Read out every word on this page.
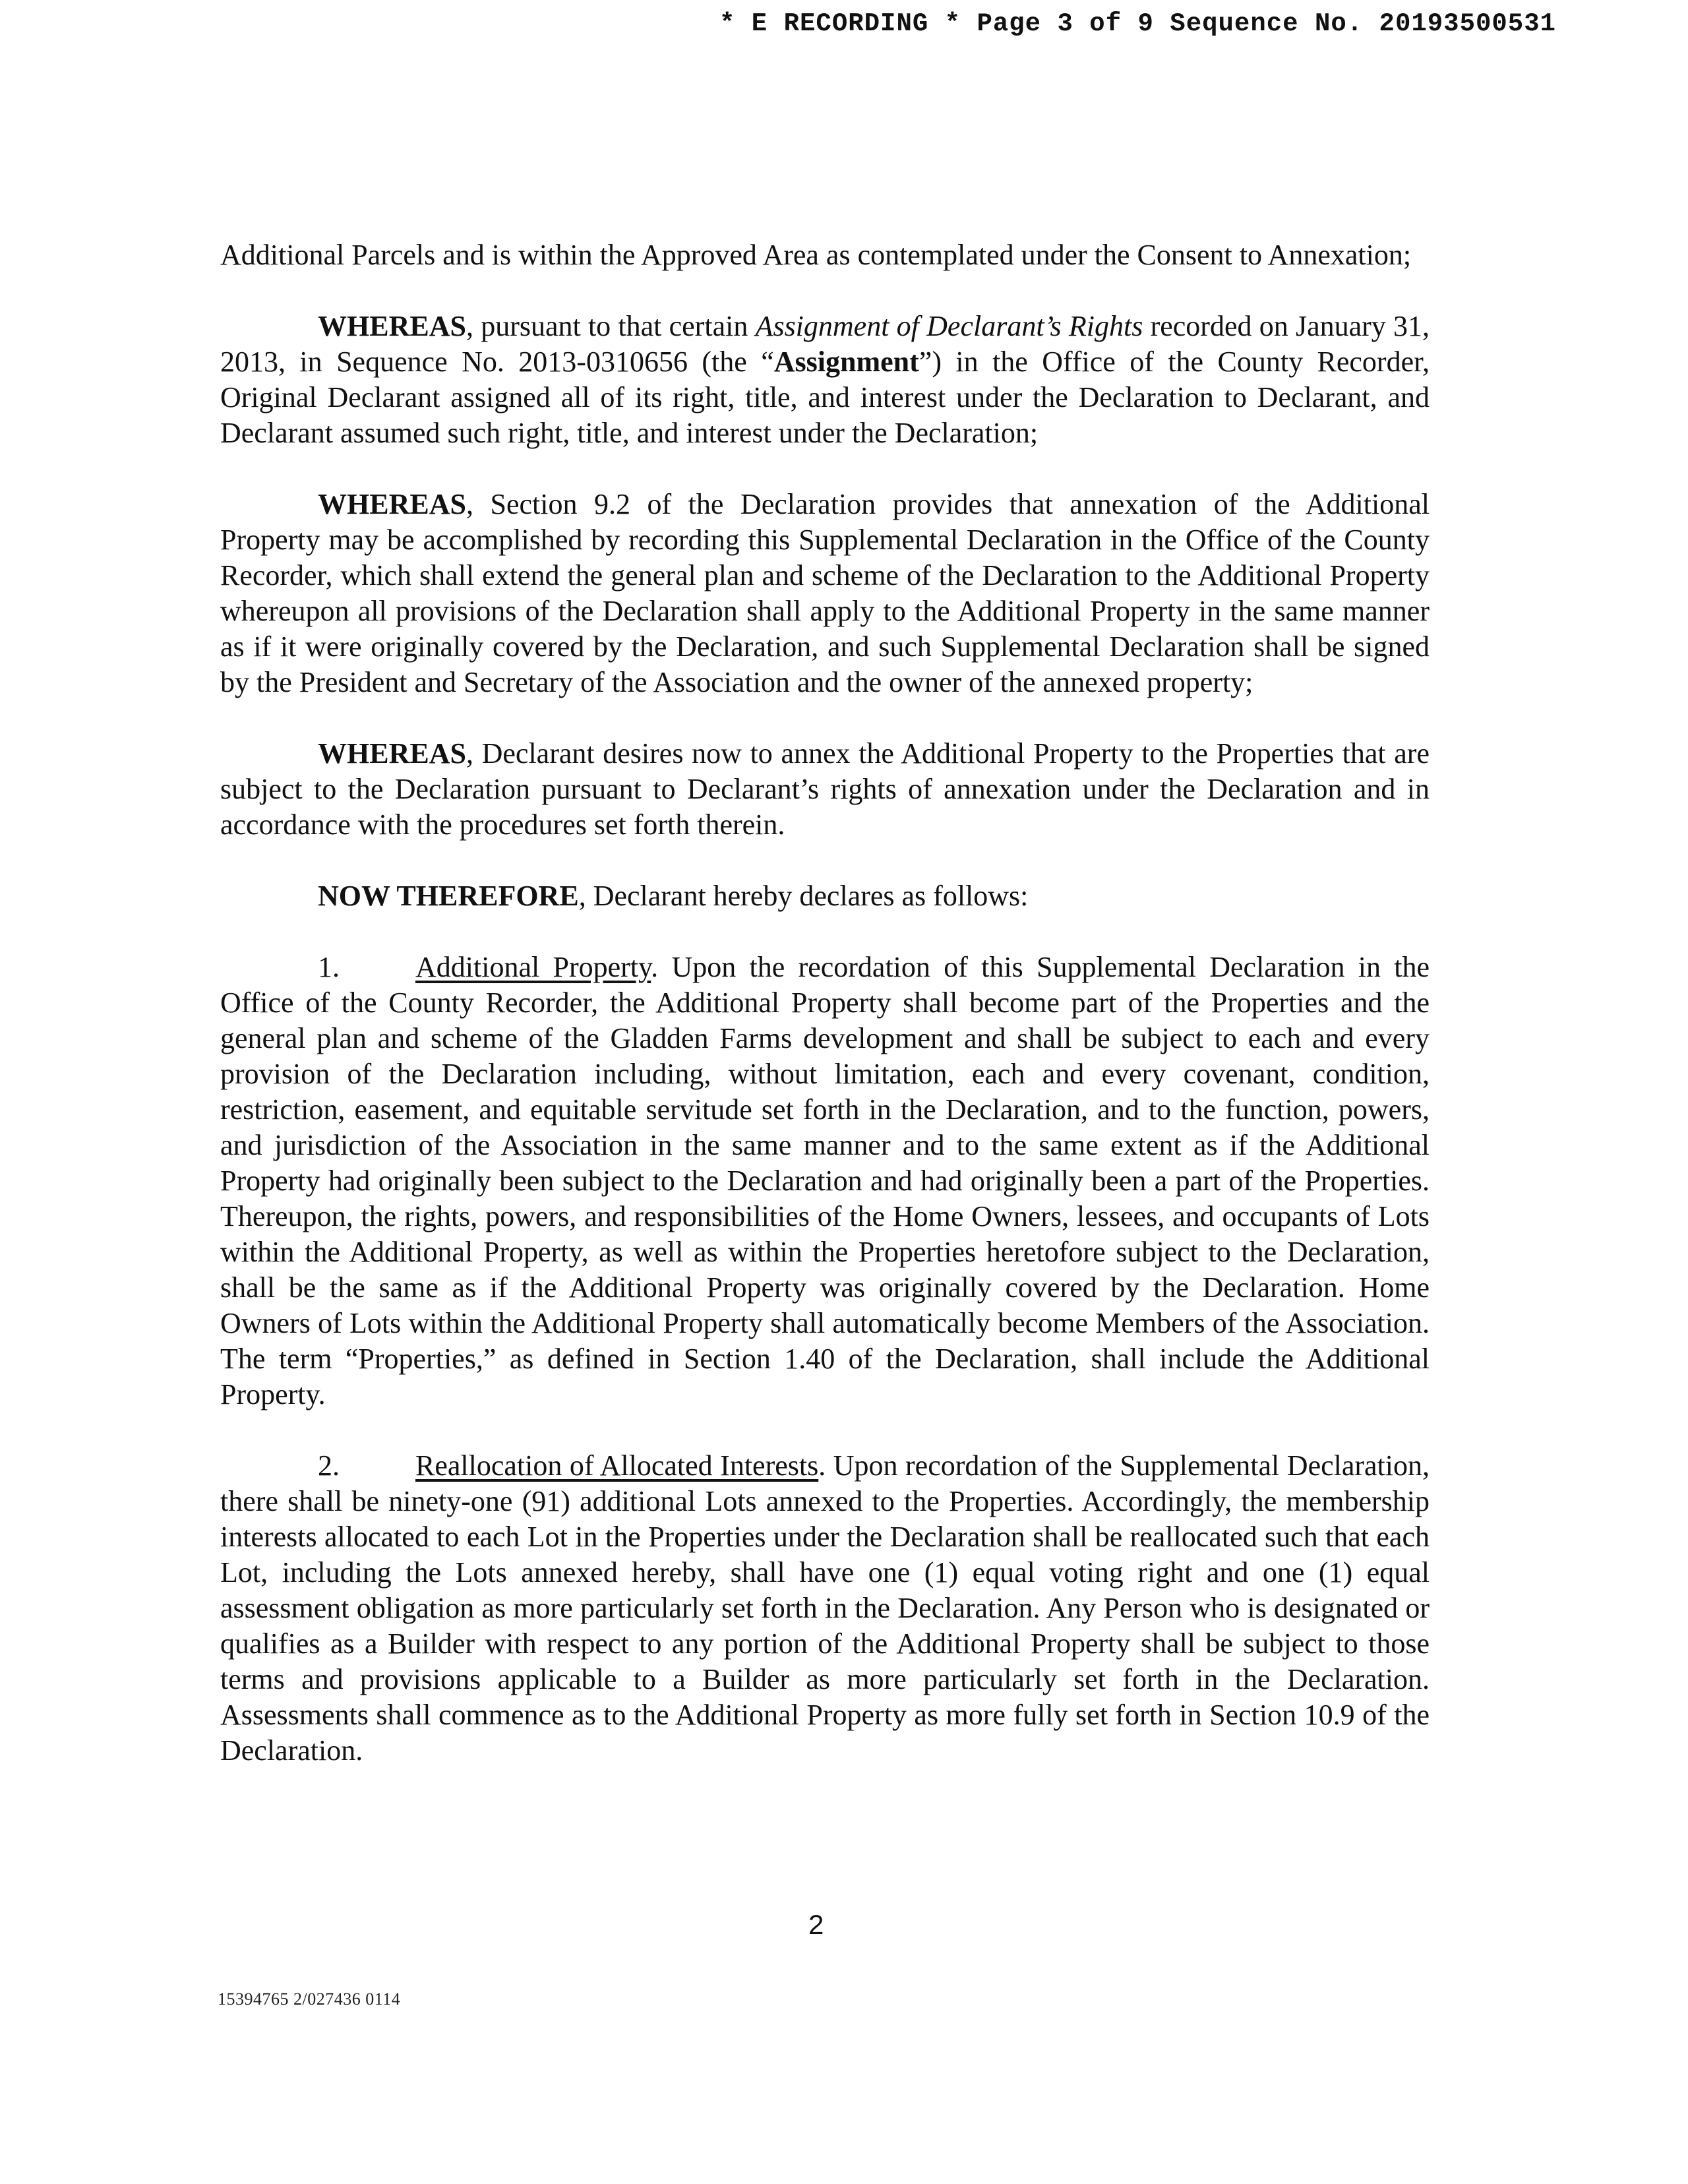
* E RECORDING * Page 3 of 9 Sequence No. 20193500531

Additional Parcels and is within the Approved Area as contemplated under the Consent to Annexation;

WHEREAS, pursuant to that certain Assignment of Declarant’s Rights recorded on January 31, 2013, in Sequence No. 2013-0310656 (the “Assignment”) in the Office of the County Recorder, Original Declarant assigned all of its right, title, and interest under the Declaration to Declarant, and Declarant assumed such right, title, and interest under the Declaration;

WHEREAS, Section 9.2 of the Declaration provides that annexation of the Additional Property may be accomplished by recording this Supplemental Declaration in the Office of the County Recorder, which shall extend the general plan and scheme of the Declaration to the Additional Property whereupon all provisions of the Declaration shall apply to the Additional Property in the same manner as if it were originally covered by the Declaration, and such Supplemental Declaration shall be signed by the President and Secretary of the Association and the owner of the annexed property;

WHEREAS, Declarant desires now to annex the Additional Property to the Properties that are subject to the Declaration pursuant to Declarant’s rights of annexation under the Declaration and in accordance with the procedures set forth therein.

NOW THEREFORE, Declarant hereby declares as follows:

1.	Additional Property. Upon the recordation of this Supplemental Declaration in the Office of the County Recorder, the Additional Property shall become part of the Properties and the general plan and scheme of the Gladden Farms development and shall be subject to each and every provision of the Declaration including, without limitation, each and every covenant, condition, restriction, easement, and equitable servitude set forth in the Declaration, and to the function, powers, and jurisdiction of the Association in the same manner and to the same extent as if the Additional Property had originally been subject to the Declaration and had originally been a part of the Properties. Thereupon, the rights, powers, and responsibilities of the Home Owners, lessees, and occupants of Lots within the Additional Property, as well as within the Properties heretofore subject to the Declaration, shall be the same as if the Additional Property was originally covered by the Declaration. Home Owners of Lots within the Additional Property shall automatically become Members of the Association. The term “Properties,” as defined in Section 1.40 of the Declaration, shall include the Additional Property.

2.	Reallocation of Allocated Interests. Upon recordation of the Supplemental Declaration, there shall be ninety-one (91) additional Lots annexed to the Properties. Accordingly, the membership interests allocated to each Lot in the Properties under the Declaration shall be reallocated such that each Lot, including the Lots annexed hereby, shall have one (1) equal voting right and one (1) equal assessment obligation as more particularly set forth in the Declaration. Any Person who is designated or qualifies as a Builder with respect to any portion of the Additional Property shall be subject to those terms and provisions applicable to a Builder as more particularly set forth in the Declaration. Assessments shall commence as to the Additional Property as more fully set forth in Section 10.9 of the Declaration.

2
15394765 2/027436 0114
